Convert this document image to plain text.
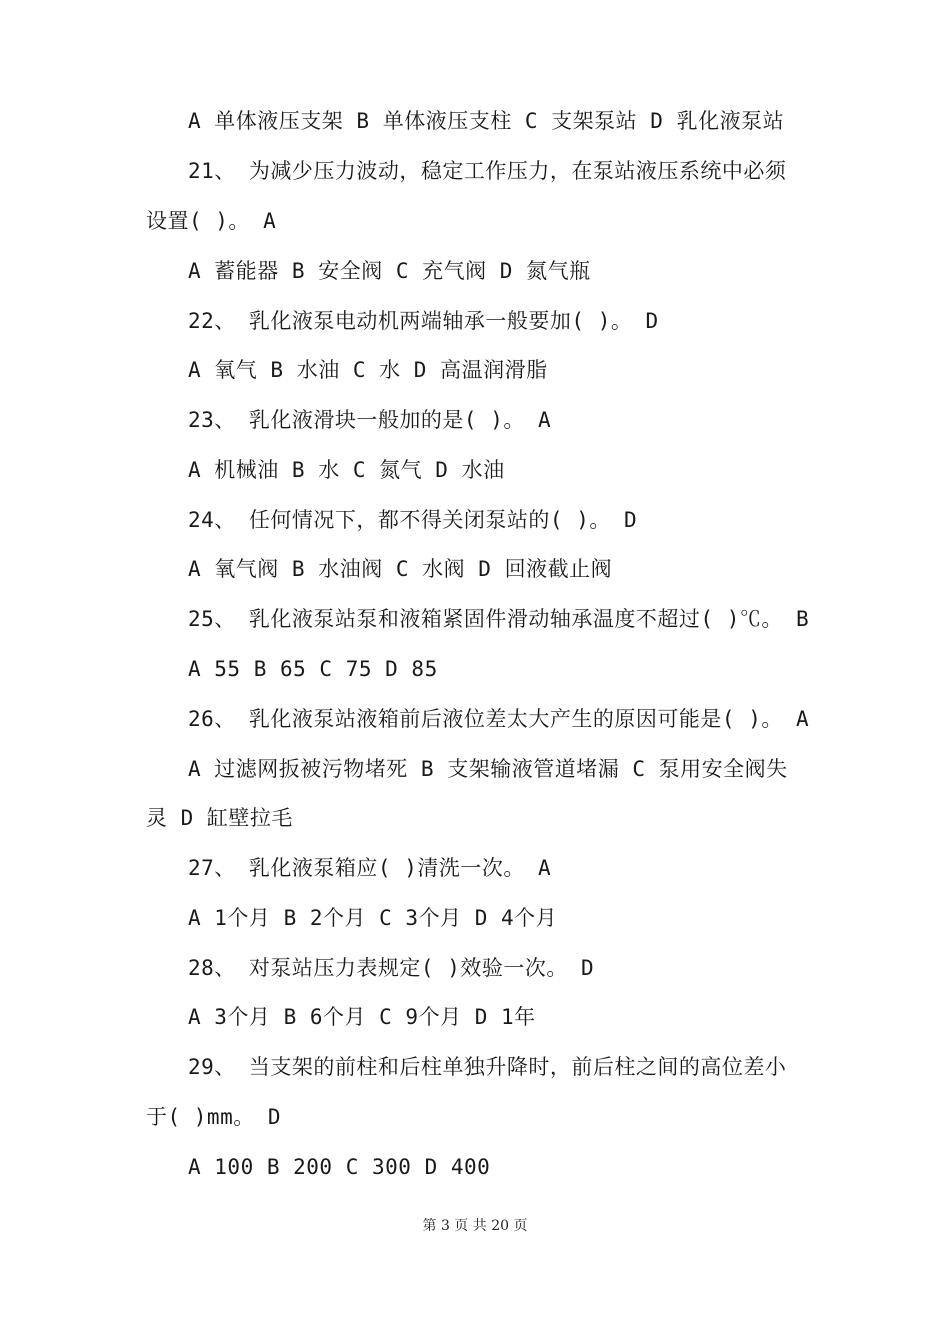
A 单体液压支架 B 单体液压支柱 C 支架泵站 D 乳化液泵站
21、 为减少压力波动，稳定工作压力，在泵站液压系统中必须
设置( )。 A
A 蓄能器 B 安全阀 C 充气阀 D 氮气瓶
22、 乳化液泵电动机两端轴承一般要加( )。 D
A 氧气 B 水油 C 水 D 高温润滑脂
23、 乳化液滑块一般加的是( )。 A
A 机械油 B 水 C 氮气 D 水油
24、 任何情况下，都不得关闭泵站的( )。 D
A 氧气阀 B 水油阀 C 水阀 D 回液截止阀
25、 乳化液泵站泵和液箱紧固件滑动轴承温度不超过( )℃。 B
A 55 B 65 C 75 D 85
26、 乳化液泵站液箱前后液位差太大产生的原因可能是( )。 A
A 过滤网扳被污物堵死 B 支架输液管道堵漏 C 泵用安全阀失
灵 D 缸壁拉毛
27、 乳化液泵箱应( )清洗一次。 A
A 1个月 B 2个月 C 3个月 D 4个月
28、 对泵站压力表规定( )效验一次。 D
A 3个月 B 6个月 C 9个月 D 1年
29、 当支架的前柱和后柱单独升降时，前后柱之间的高位差小
于( )mm。 D
A 100 B 200 C 300 D 400
第 3 页 共 20 页
